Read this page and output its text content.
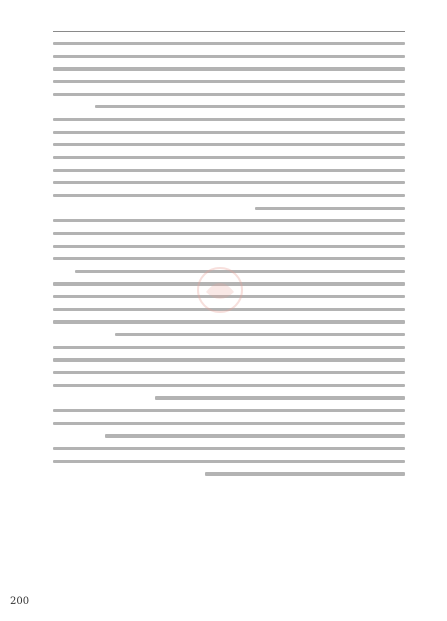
200
